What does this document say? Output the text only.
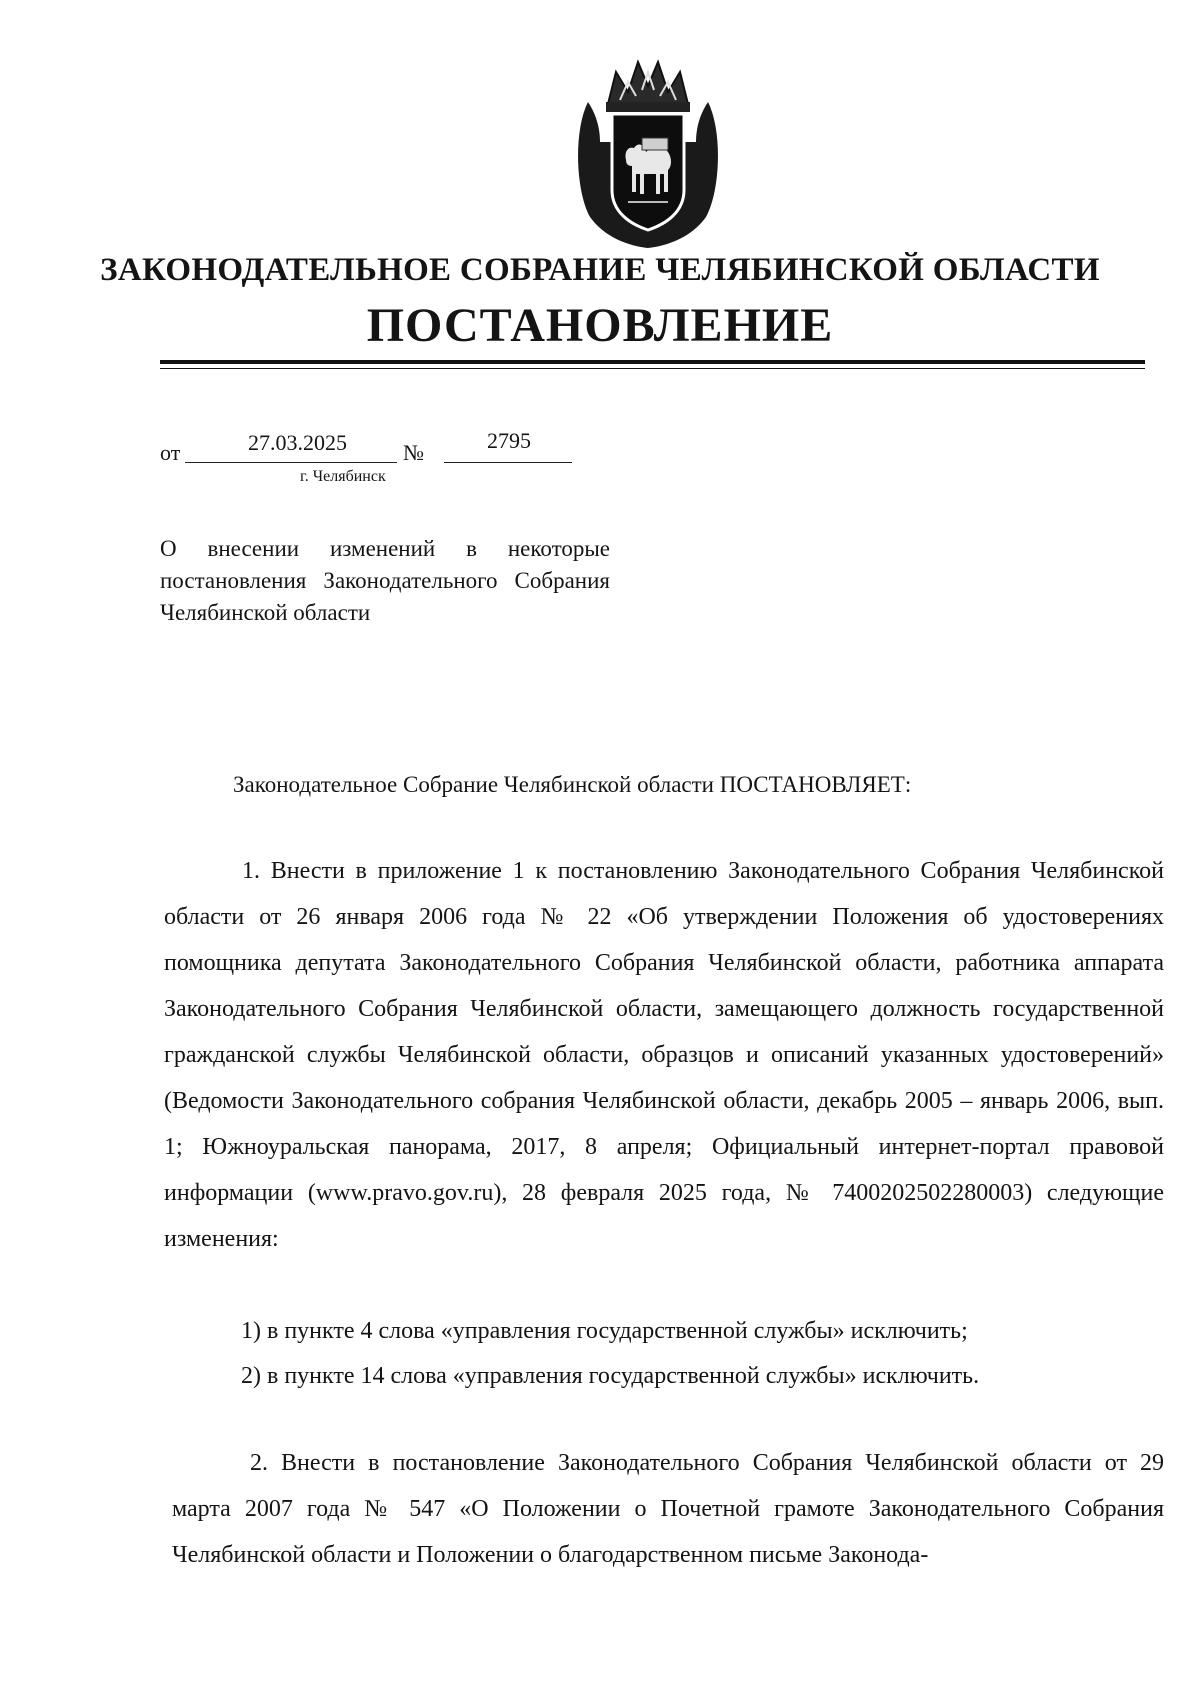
ЗАКОНОДАТЕЛЬНОЕ СОБРАНИЕ ЧЕЛЯБИНСКОЙ ОБЛАСТИ
ПОСТАНОВЛЕНИЕ
от	27.03.2025	№	2795
г. Челябинск
О внесении изменений в некоторые постановления Законодательного Собрания Челябинской области
Законодательное Собрание Челябинской области ПОСТАНОВЛЯЕТ:
1. Внести в приложение 1 к постановлению Законодательного Собрания Челябинской области от 26 января 2006 года № 22 «Об утверждении Положения об удостоверениях помощника депутата Законодательного Собрания Челябинской области, работника аппарата Законодательного Собрания Челябинской области, замещающего должность государственной гражданской службы Челябинской области, образцов и описаний указанных удостоверений» (Ведомости Законодательного собрания Челябинской области, декабрь 2005 – январь 2006, вып. 1; Южноуральская панорама, 2017, 8 апреля; Официальный интернет-портал правовой информации (www.pravo.gov.ru), 28 февраля 2025 года, № 7400202502280003) следующие изменения:
1) в пункте 4 слова «управления государственной службы» исключить;
2) в пункте 14 слова «управления государственной службы» исключить.
2. Внести в постановление Законодательного Собрания Челябинской области от 29 марта 2007 года № 547 «О Положении о Почетной грамоте Законодательного Собрания Челябинской области и Положении о благодарственном письме Законода-
